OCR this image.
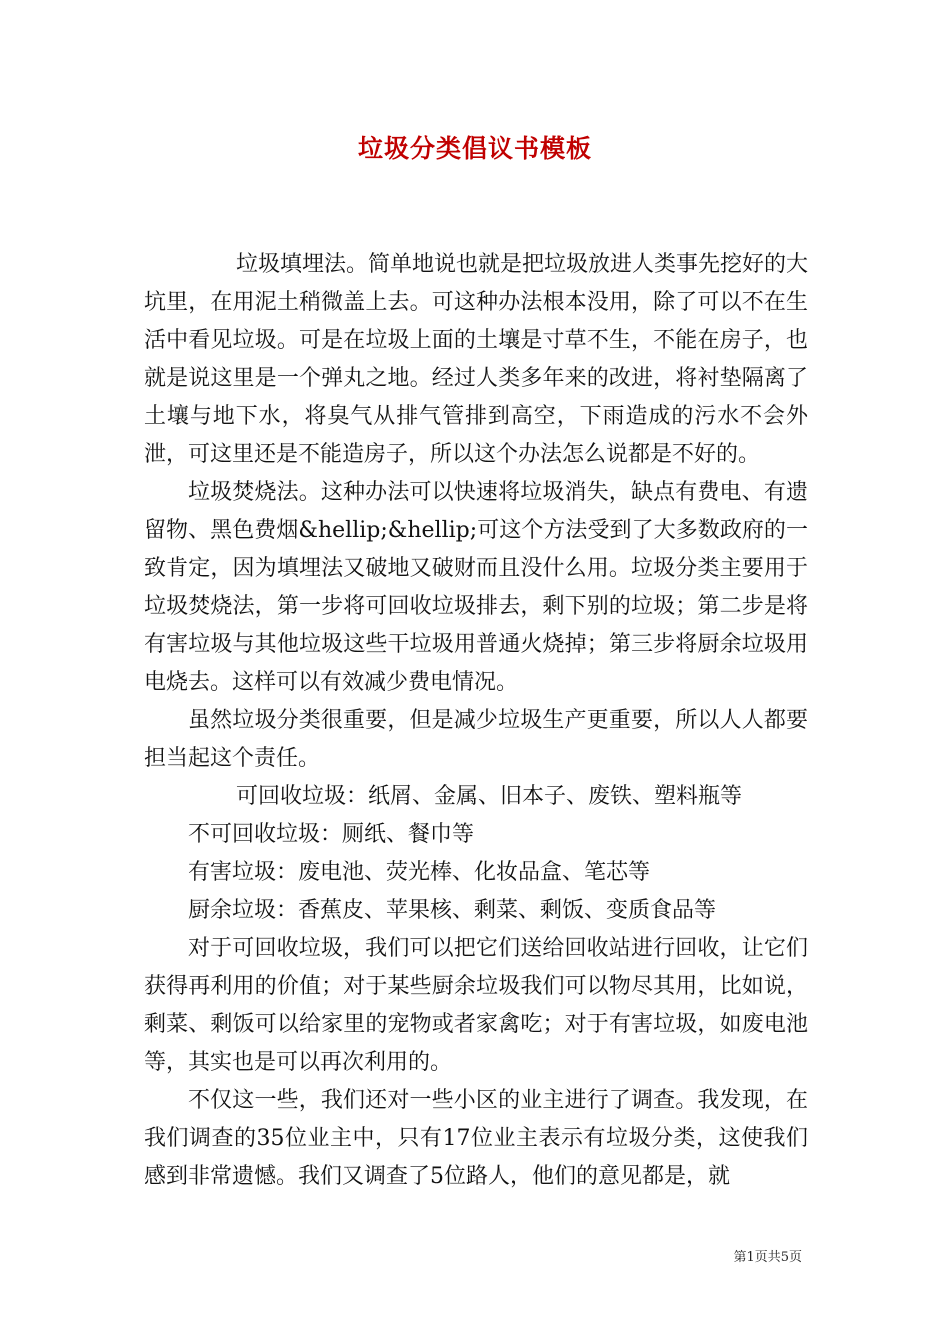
垃圾分类倡议书模板

垃圾填埋法。简单地说也就是把垃圾放进人类事先挖好的大坑里，在用泥土稍微盖上去。可这种办法根本没用，除了可以不在生活中看见垃圾。可是在垃圾上面的土壤是寸草不生，不能在房子，也就是说这里是一个弹丸之地。经过人类多年来的改进，将衬垫隔离了土壤与地下水，将臭气从排气管排到高空，下雨造成的污水不会外泄，可这里还是不能造房子，所以这个办法怎么说都是不好的。

垃圾焚烧法。这种办法可以快速将垃圾消失，缺点有费电、有遗留物、黑色费烟&hellip;&hellip;可这个方法受到了大多数政府的一致肯定，因为填埋法又破地又破财而且没什么用。垃圾分类主要用于垃圾焚烧法，第一步将可回收垃圾排去，剩下别的垃圾；第二步是将有害垃圾与其他垃圾这些干垃圾用普通火烧掉；第三步将厨余垃圾用电烧去。这样可以有效减少费电情况。

虽然垃圾分类很重要，但是减少垃圾生产更重要，所以人人都要担当起这个责任。

可回收垃圾：纸屑、金属、旧本子、废铁、塑料瓶等

不可回收垃圾：厕纸、餐巾等

有害垃圾：废电池、荧光棒、化妆品盒、笔芯等

厨余垃圾：香蕉皮、苹果核、剩菜、剩饭、变质食品等

对于可回收垃圾，我们可以把它们送给回收站进行回收，让它们获得再利用的价值；对于某些厨余垃圾我们可以物尽其用，比如说，剩菜、剩饭可以给家里的宠物或者家禽吃；对于有害垃圾，如废电池等，其实也是可以再次利用的。

不仅这一些，我们还对一些小区的业主进行了调查。我发现，在我们调查的35位业主中，只有17位业主表示有垃圾分类，这使我们感到非常遗憾。我们又调查了5位路人，他们的意见都是，就

第1页共5页
